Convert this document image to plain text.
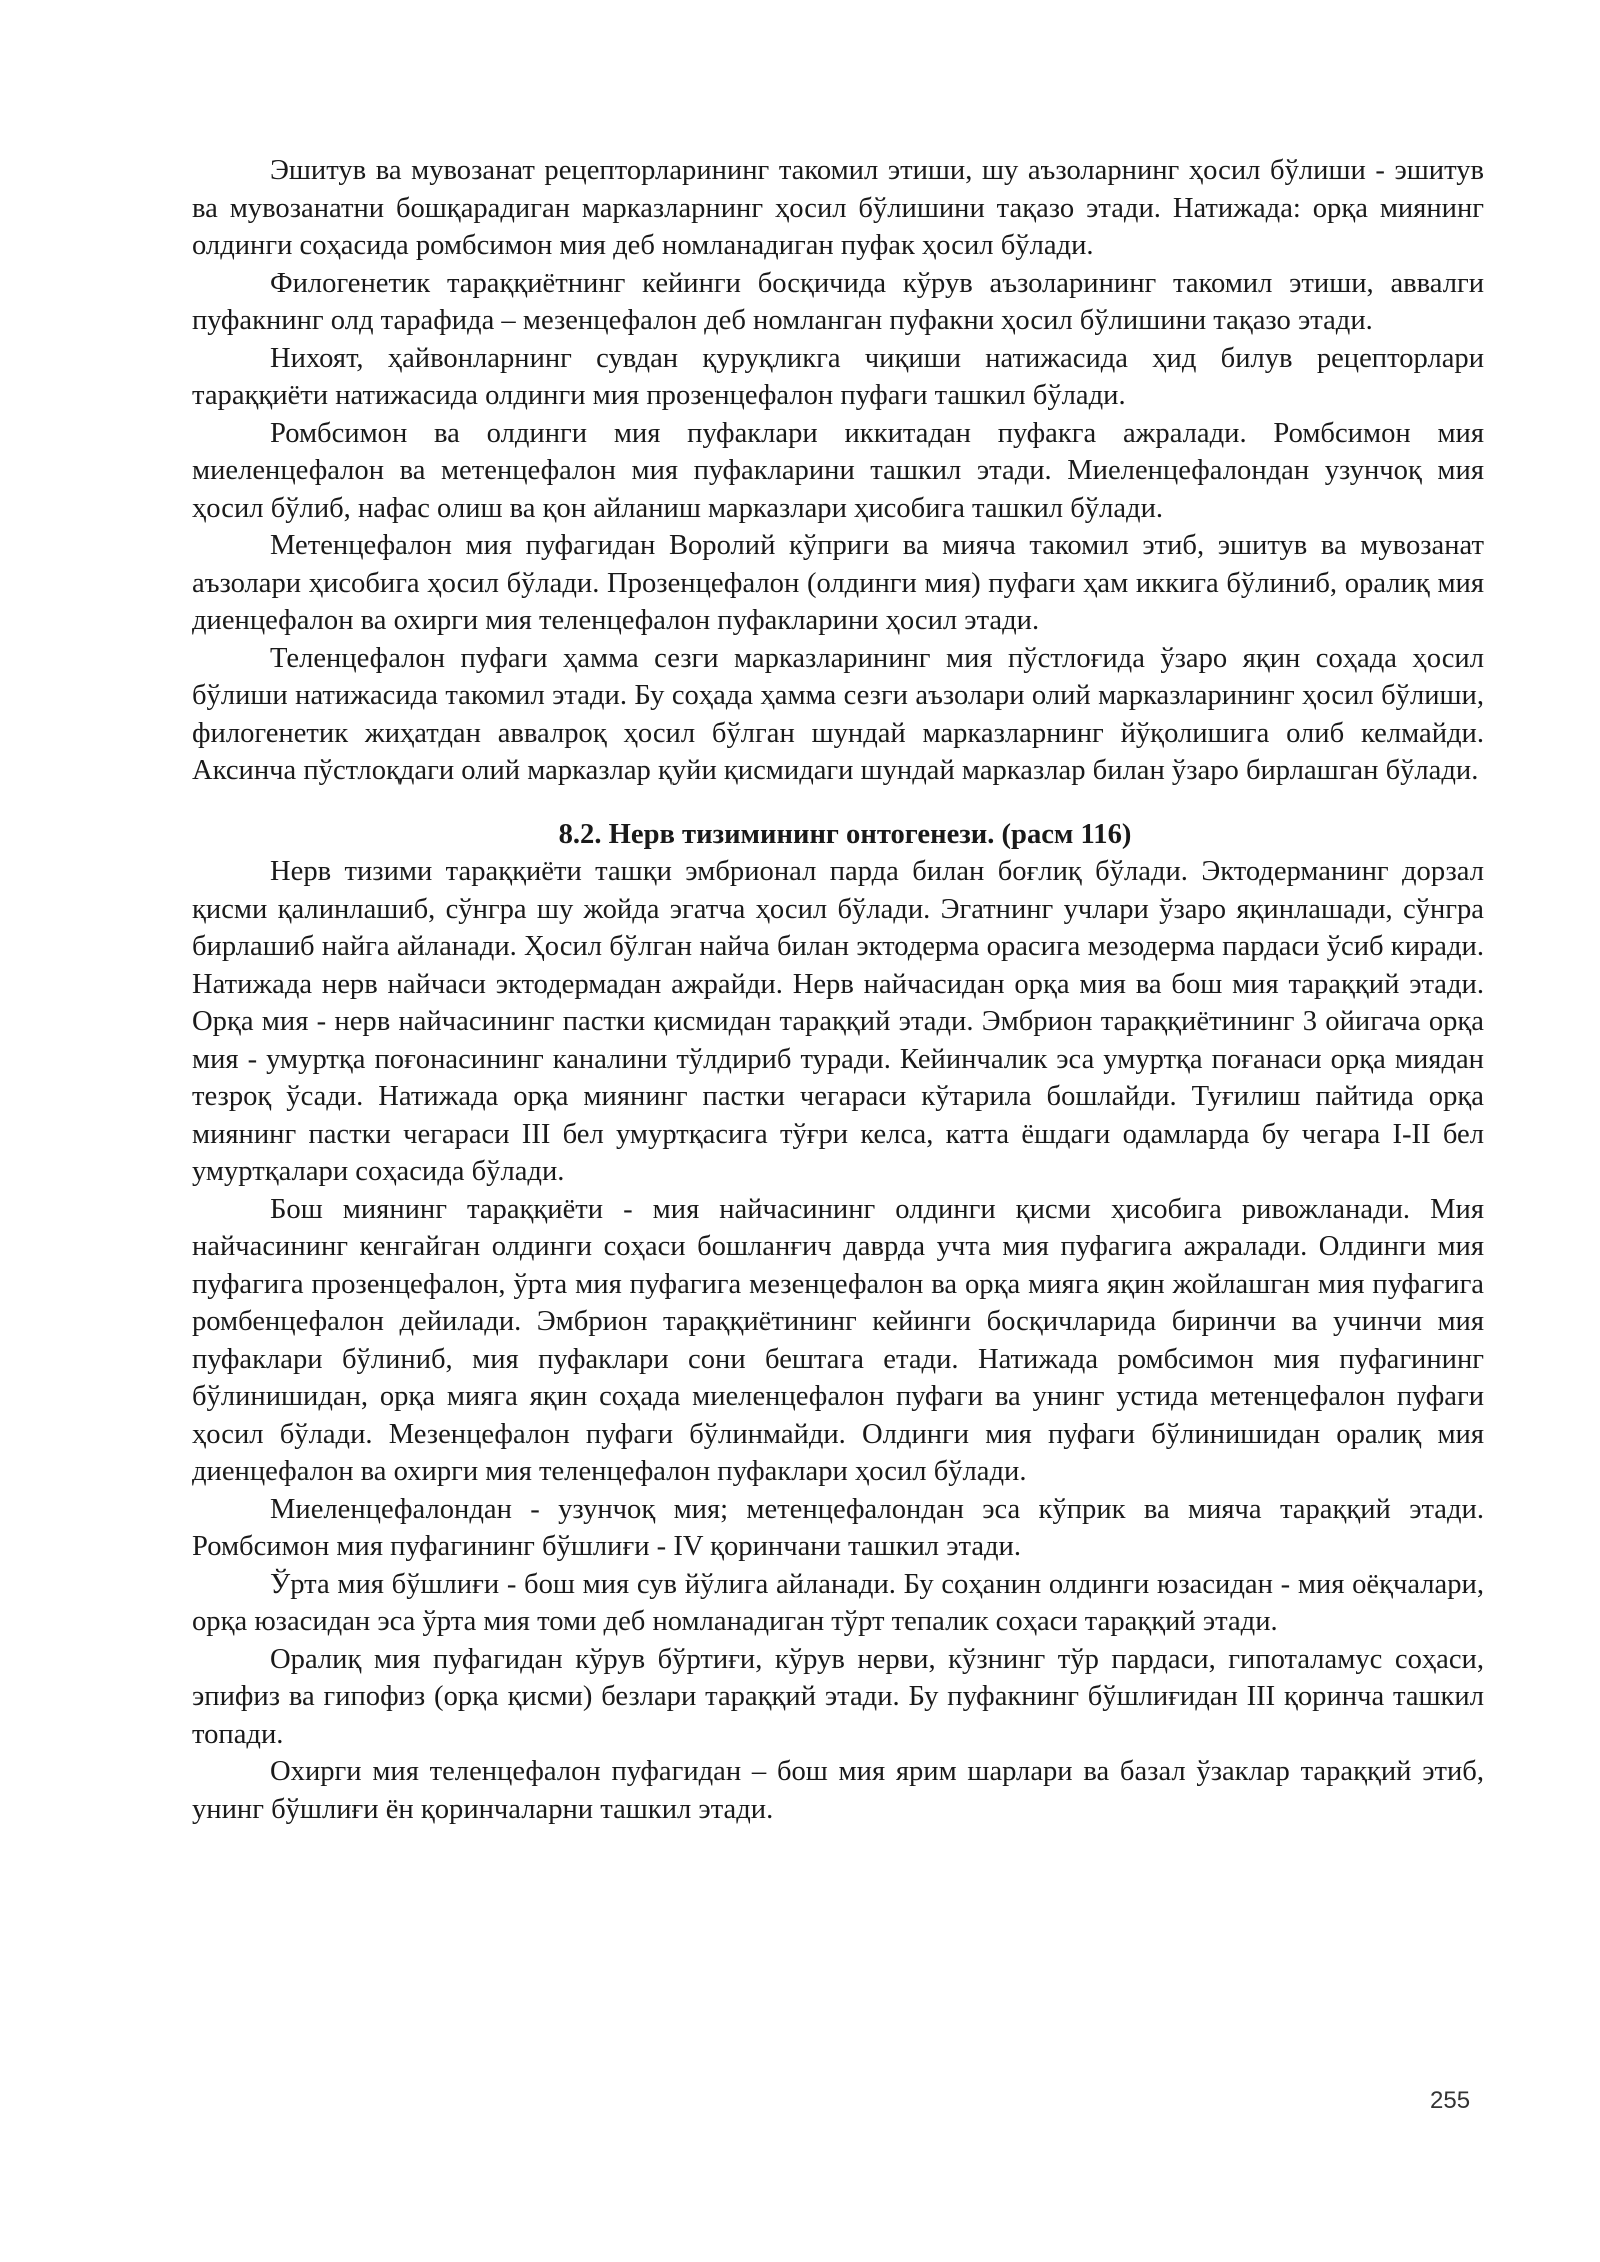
Эшитув ва мувозанат рецепторларининг такомил этиши, шу аъзоларнинг ҳосил бўлиши - эшитув ва мувозанатни бошқарадиган марказларнинг ҳосил бўлишини тақазо этади. Натижада: орқа миянинг олдинги соҳасида ромбсимон мия деб номланадиган пуфак ҳосил бўлади.

Филогенетик тараққиётнинг кейинги босқичида кўрув аъзоларининг такомил этиши, аввалги пуфакнинг олд тарафида – мезенцефалон деб номланган пуфакни ҳосил бўлишини тақазо этади.

Нихоят, ҳайвонларнинг сувдан қуруқликга чиқиши натижасида ҳид билув рецепторлари тараққиёти натижасида олдинги мия прозенцефалон пуфаги ташкил бўлади.

Ромбсимон ва олдинги мия пуфаклари иккитадан пуфакга ажралади. Ромбсимон мия миеленцефалон ва метенцефалон мия пуфакларини ташкил этади. Миеленцефалондан узунчоқ мия ҳосил бўлиб, нафас олиш ва қон айланиш марказлари ҳисобига ташкил бўлади.

Метенцефалон мия пуфагидан Воролий кўприги ва мияча такомил этиб, эшитув ва мувозанат аъзолари ҳисобига ҳосил бўлади. Прозенцефалон (олдинги мия) пуфаги ҳам иккига бўлиниб, оралиқ мия диенцефалон ва охирги мия теленцефалон пуфакларини ҳосил этади.

Теленцефалон пуфаги ҳамма сезги марказларининг мия пўстлоғида ўзаро яқин соҳада ҳосил бўлиши натижасида такомил этади. Бу соҳада ҳамма сезги аъзолари олий марказларининг ҳосил бўлиши, филогенетик жиҳатдан аввалроқ ҳосил бўлган шундай марказларнинг йўқолишига олиб келмайди. Аксинча пўстлоқдаги олий марказлар қуйи қисмидаги шундай марказлар билан ўзаро бирлашган бўлади.

8.2. Нерв тизимининг онтогенези. (расм 116)

Нерв тизими тараққиёти ташқи эмбрионал парда билан боғлиқ бўлади. Эктодерманинг дорзал қисми қалинлашиб, сўнгра шу жойда эгатча ҳосил бўлади. Эгатнинг учлари ўзаро яқинлашади, сўнгра бирлашиб найга айланади. Ҳосил бўлган найча билан эктодерма орасига мезодерма пардаси ўсиб киради. Натижада нерв найчаси эктодермадан ажрайди. Нерв найчасидан орқа мия ва бош мия тараққий этади. Орқа мия - нерв найчасининг пастки қисмидан тараққий этади. Эмбрион тараққиётининг 3 ойигача орқа мия - умуртқа поғонасининг каналини тўлдириб туради. Кейинчалик эса умуртқа поғанаси орқа миядан тезроқ ўсади. Натижада орқа миянинг пастки чегараси кўтарила бошлайди. Туғилиш пайтида орқа миянинг пастки чегараси III бел умуртқасига тўғри келса, катта ёшдаги одамларда бу чегара I-II бел умуртқалари соҳасида бўлади.

Бош миянинг тараққиёти - мия найчасининг олдинги қисми ҳисобига ривожланади. Мия найчасининг кенгайган олдинги соҳаси бошланғич даврда учта мия пуфагига ажралади. Олдинги мия пуфагига прозенцефалон, ўрта мия пуфагига мезенцефалон ва орқа мияга яқин жойлашган мия пуфагига ромбенцефалон дейилади. Эмбрион тараққиётининг кейинги босқичларида биринчи ва учинчи мия пуфаклари бўлиниб, мия пуфаклари сони бештага етади. Натижада ромбсимон мия пуфагининг бўлинишидан, орқа мияга яқин соҳада миеленцефалон пуфаги ва унинг устида метенцефалон пуфаги ҳосил бўлади. Мезенцефалон пуфаги бўлинмайди. Олдинги мия пуфаги бўлинишидан оралиқ мия диенцефалон ва охирги мия теленцефалон пуфаклари ҳосил бўлади.

Миеленцефалондан - узунчоқ мия; метенцефалондан эса кўприк ва мияча тараққий этади. Ромбсимон мия пуфагининг бўшлиғи - IV қоринчани ташкил этади.

Ўрта мия бўшлиғи - бош мия сув йўлига айланади. Бу соҳанин олдинги юзасидан - мия оёқчалари, орқа юзасидан эса ўрта мия томи деб номланадиган тўрт тепалик соҳаси тараққий этади.

Оралиқ мия пуфагидан кўрув бўртиғи, кўрув нерви, кўзнинг тўр пардаси, гипоталамус соҳаси, эпифиз ва гипофиз (орқа қисми) безлари тараққий этади. Бу пуфакнинг бўшлиғидан III қоринча ташкил топади.

Охирги мия теленцефалон пуфагидан – бош мия ярим шарлари ва базал ўзаклар тараққий этиб, унинг бўшлиғи ён қоринчаларни ташкил этади.

255
